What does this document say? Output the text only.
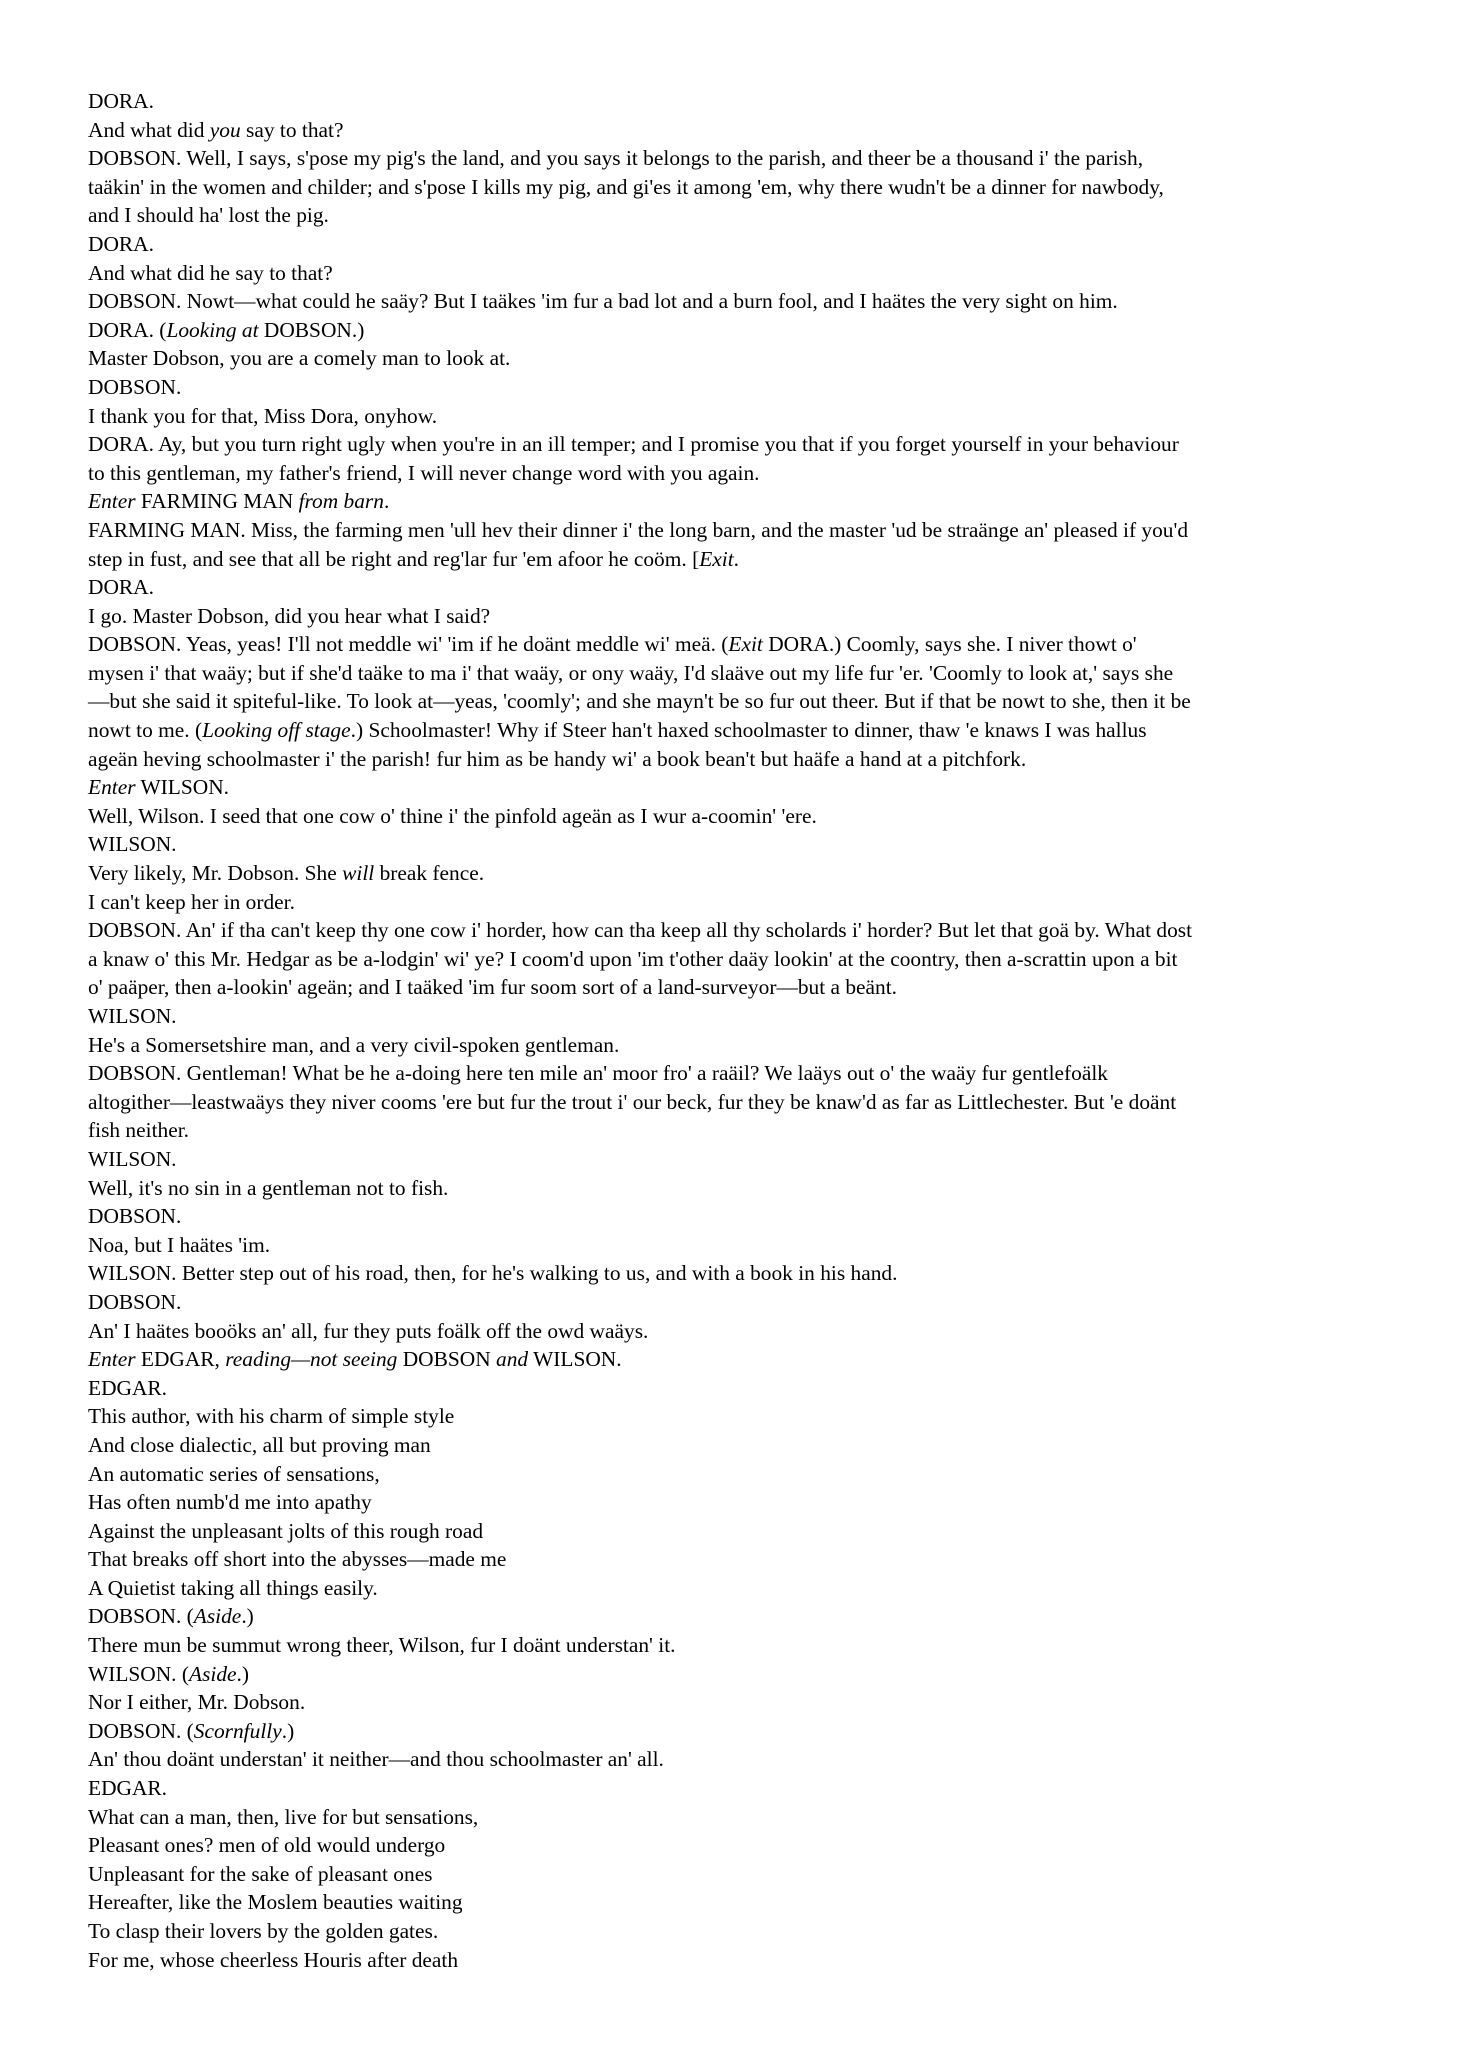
DORA.
And what did you say to that?
DOBSON. Well, I says, s'pose my pig's the land, and you says it belongs to the parish, and theer be a thousand i' the parish,
taäkin' in the women and childer; and s'pose I kills my pig, and gi'es it among 'em, why there wudn't be a dinner for nawbody,
and I should ha' lost the pig.
DORA.
And what did he say to that?
DOBSON. Nowt—what could he saäy? But I taäkes 'im fur a bad lot and a burn fool, and I haätes the very sight on him.
DORA. (Looking at DOBSON.)
Master Dobson, you are a comely man to look at.
DOBSON.
I thank you for that, Miss Dora, onyhow.
DORA. Ay, but you turn right ugly when you're in an ill temper; and I promise you that if you forget yourself in your behaviour
to this gentleman, my father's friend, I will never change word with you again.
Enter FARMING MAN from barn.
FARMING MAN. Miss, the farming men 'ull hev their dinner i' the long barn, and the master 'ud be straänge an' pleased if you'd
step in fust, and see that all be right and reg'lar fur 'em afoor he coöm. [Exit.
DORA.
I go. Master Dobson, did you hear what I said?
DOBSON. Yeas, yeas! I'll not meddle wi' 'im if he doänt meddle wi' meä. (Exit DORA.) Coomly, says she. I niver thowt o'
mysen i' that waäy; but if she'd taäke to ma i' that waäy, or ony waäy, I'd slaäve out my life fur 'er. 'Coomly to look at,' says she
—but she said it spiteful-like. To look at—yeas, 'coomly'; and she mayn't be so fur out theer. But if that be nowt to she, then it be
nowt to me. (Looking off stage.) Schoolmaster! Why if Steer han't haxed schoolmaster to dinner, thaw 'e knaws I was hallus
ageän heving schoolmaster i' the parish! fur him as be handy wi' a book bean't but haäfe a hand at a pitchfork.
Enter WILSON.
Well, Wilson. I seed that one cow o' thine i' the pinfold ageän as I wur a-coomin' 'ere.
WILSON.
Very likely, Mr. Dobson. She will break fence.
I can't keep her in order.
DOBSON. An' if tha can't keep thy one cow i' horder, how can tha keep all thy scholards i' horder? But let that goä by. What dost
a knaw o' this Mr. Hedgar as be a-lodgin' wi' ye? I coom'd upon 'im t'other daäy lookin' at the coontry, then a-scrattin upon a bit
o' paäper, then a-lookin' ageän; and I taäked 'im fur soom sort of a land-surveyor—but a beänt.
WILSON.
He's a Somersetshire man, and a very civil-spoken gentleman.
DOBSON. Gentleman! What be he a-doing here ten mile an' moor fro' a raäil? We laäys out o' the waäy fur gentlefoälk
altogither—leastwaäys they niver cooms 'ere but fur the trout i' our beck, fur they be knaw'd as far as Littlechester. But 'e doänt
fish neither.
WILSON.
Well, it's no sin in a gentleman not to fish.
DOBSON.
Noa, but I haätes 'im.
WILSON. Better step out of his road, then, for he's walking to us, and with a book in his hand.
DOBSON.
An' I haätes booöks an' all, fur they puts foälk off the owd waäys.
Enter EDGAR, reading—not seeing DOBSON and WILSON.
EDGAR.
This author, with his charm of simple style
And close dialectic, all but proving man
An automatic series of sensations,
Has often numb'd me into apathy
Against the unpleasant jolts of this rough road
That breaks off short into the abysses—made me
A Quietist taking all things easily.
DOBSON. (Aside.)
There mun be summut wrong theer, Wilson, fur I doänt understan' it.
WILSON. (Aside.)
Nor I either, Mr. Dobson.
DOBSON. (Scornfully.)
An' thou doänt understan' it neither—and thou schoolmaster an' all.
EDGAR.
What can a man, then, live for but sensations,
Pleasant ones? men of old would undergo
Unpleasant for the sake of pleasant ones
Hereafter, like the Moslem beauties waiting
To clasp their lovers by the golden gates.
For me, whose cheerless Houris after death
